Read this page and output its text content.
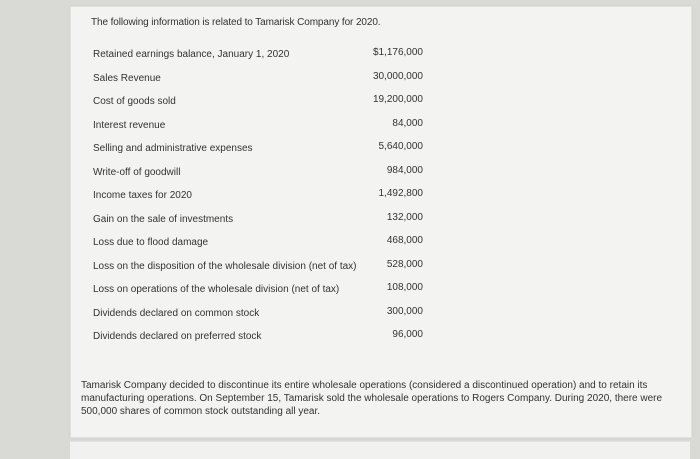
The following information is related to Tamarisk Company for 2020.
Retained earnings balance, January 1, 2020	$1,176,000
Sales Revenue	30,000,000
Cost of goods sold	19,200,000
Interest revenue	84,000
Selling and administrative expenses	5,640,000
Write-off of goodwill	984,000
Income taxes for 2020	1,492,800
Gain on the sale of investments	132,000
Loss due to flood damage	468,000
Loss on the disposition of the wholesale division (net of tax)	528,000
Loss on operations of the wholesale division (net of tax)	108,000
Dividends declared on common stock	300,000
Dividends declared on preferred stock	96,000
Tamarisk Company decided to discontinue its entire wholesale operations (considered a discontinued operation) and to retain its manufacturing operations. On September 15, Tamarisk sold the wholesale operations to Rogers Company. During 2020, there were 500,000 shares of common stock outstanding all year.
